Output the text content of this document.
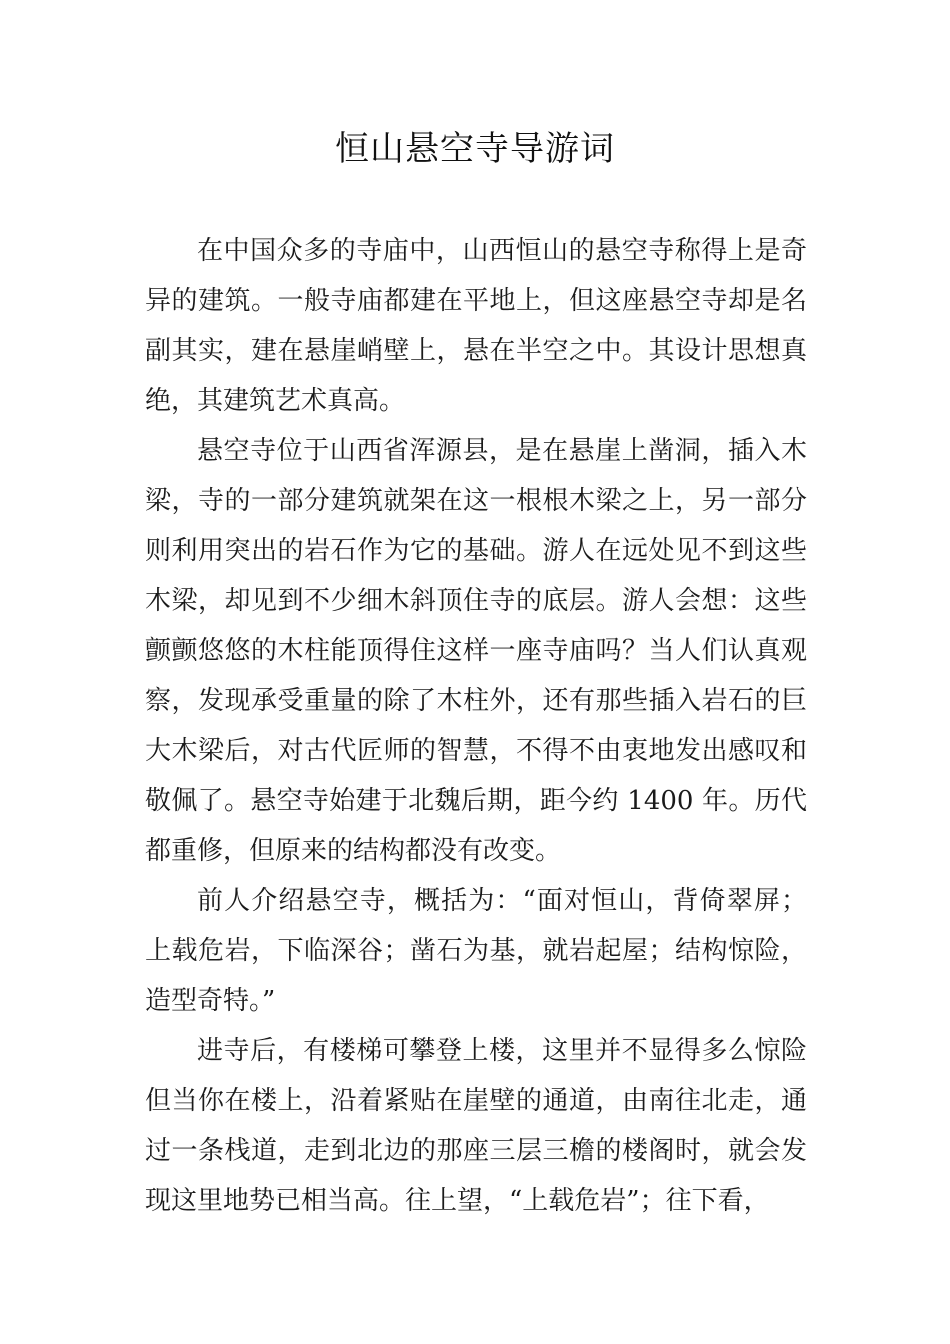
恒山悬空寺导游词

在中国众多的寺庙中，山西恒山的悬空寺称得上是奇异的建筑。一般寺庙都建在平地上，但这座悬空寺却是名副其实，建在悬崖峭壁上，悬在半空之中。其设计思想真绝，其建筑艺术真高。

悬空寺位于山西省浑源县，是在悬崖上凿洞，插入木梁，寺的一部分建筑就架在这一根根木梁之上，另一部分则利用突出的岩石作为它的基础。游人在远处见不到这些木梁，却见到不少细木斜顶住寺的底层。游人会想：这些颤颤悠悠的木柱能顶得住这样一座寺庙吗？当人们认真观察，发现承受重量的除了木柱外，还有那些插入岩石的巨大木梁后，对古代匠师的智慧，不得不由衷地发出感叹和敬佩了。悬空寺始建于北魏后期，距今约 1400 年。历代都重修，但原来的结构都没有改变。

前人介绍悬空寺，概括为：“面对恒山，背倚翠屏；上载危岩，下临深谷；凿石为基，就岩起屋；结构惊险，造型奇特。”

进寺后，有楼梯可攀登上楼，这里并不显得多么惊险但当你在楼上，沿着紧贴在崖壁的通道，由南往北走，通过一条栈道，走到北边的那座三层三檐的楼阁时，就会发现这里地势已相当高。往上望，“上载危岩”；往下看，
